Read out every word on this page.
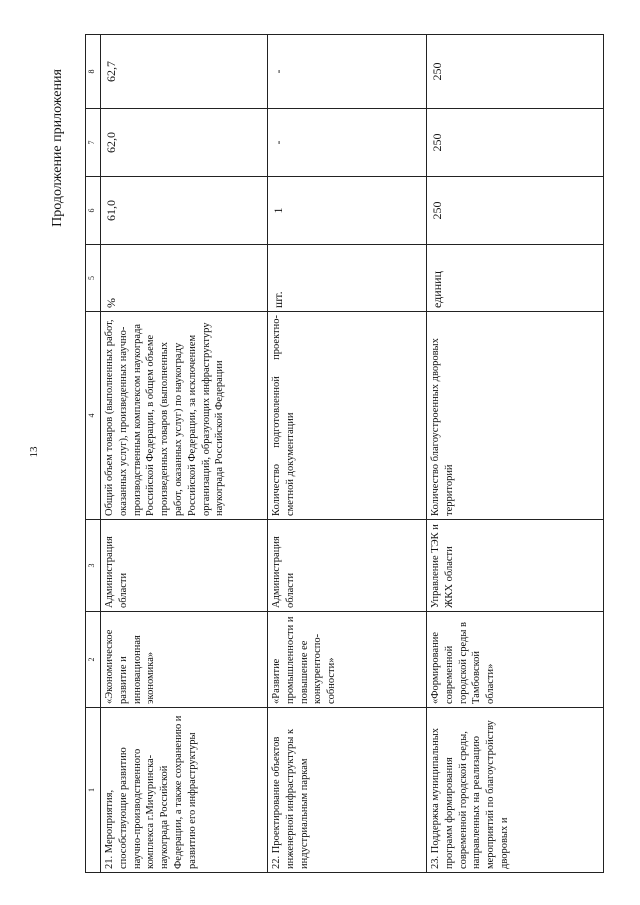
13
Продолжение приложения
1	2	3	4	5	6	7	8
21. Мероприятия, способствующие развитию научно-производственного комплекса г.Мичуринска-наукограда Российской Федерации, а также сохранению и развитию его инфраструктуры	«Экономическое развитие и инновационная экономика»	Администрация области	Общий объем товаров (выполненных работ, оказанных услуг), произведенных научно-производственным комплексом наукограда Российской Федерации, в общем объеме произведенных товаров (выполненных работ, оказанных услуг) по наукограду Российской Федерации, за исключением организаций, образующих инфраструктуру наукограда Российской Федерации	%	61,0	62,0	62,7
22. Проектирование объектов инженерной инфраструктуры к индустриальным паркам	«Развитие промышленности и повышение ее конкурентоспо-собности»	Администрация области	Количество подготовленной проектно-сметной документации	шт.	1	-	-
23. Поддержка муниципальных программ формирования современной городской среды, направленных на реализацию мероприятий по благоустройству дворовых и	«Формирование современной городской среды в Тамбовской области»	Управление ТЭК и ЖКХ области	Количество благоустроенных дворовых территорий	единиц	250	250	250
